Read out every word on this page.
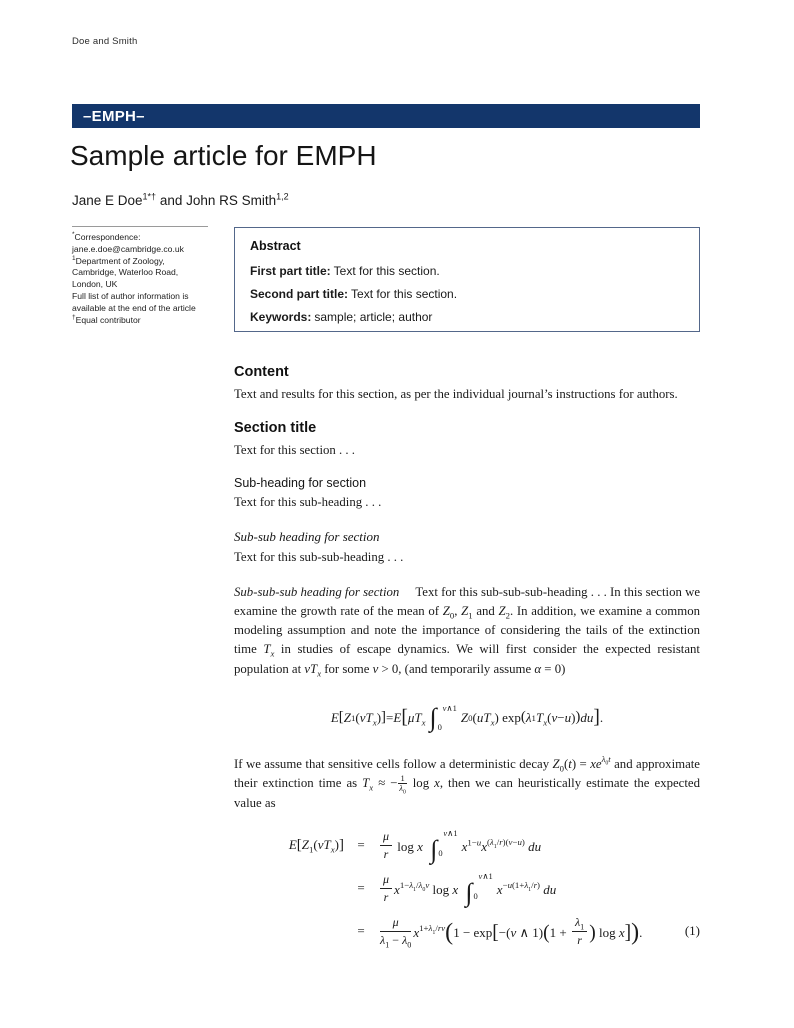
Doe and Smith
–EMPH–
Sample article for EMPH
Jane E Doe$^{1*\dagger}$ and John RS Smith$^{1,2}$
*Correspondence:
jane.e.doe@cambridge.co.uk
$^1$Department of Zoology,
Cambridge, Waterloo Road,
London, UK
Full list of author information is
available at the end of the article
†Equal contributor
Abstract
First part title: Text for this section.
Second part title: Text for this section.
Keywords: sample; article; author
Content

Text and results for this section, as per the individual journal’s instructions for authors.

Section title

Text for this section . . .

Sub-heading for section

Text for this sub-heading . . .

Sub-sub heading for section

Text for this sub-sub-heading . . .

Sub-sub-sub heading for section Text for this sub-sub-sub-heading . . . In this section we examine the growth rate of the mean of $Z_0$, $Z_1$ and $Z_2$. In addition, we examine a common modeling assumption and note the importance of considering the tails of the extinction time $T_x$ in studies of escape dynamics. We will first consider the expected resistant population at $vT_x$ for some v > 0, (and temporarily assume α = 0)

E [ Z 1 ( $vT_x$ ) ] = E [ $\mu T_x$ ∫ v∧1
0
Z 0 ( $uT_x$ ) exp ( λ 1 $T_x$ ( v − u ) ) du ] .

If we assume that sensitive cells follow a deterministic decay $Z_0(t) = xe^{\lambda_0t}$ and approximate their extinction time as $T_x$ ≈ − $\frac{1}{\lambda_0}$ log x, then we can heuristically estimate the expected value as

$E[Z_1(vT_x)]$	=	$\frac{\mu}{r}$ log x ∫
v∧1
0	$x^{1-u}x^{(\lambda_1/r)(v-u)}$ du
=	$\frac{\mu}{r} x^{1-\lambda_1/\lambda_0v}$ log x ∫
v∧1
0	$x^{-u(1+\lambda_1/r)}$ du
=	$\frac{\mu}{\lambda_1 - \lambda_0} x^{1+\lambda_1/rv}(1 - \exp[-(v$ ∧ $1)(1 + \frac{\lambda_1}{r}$ ) log x]).	(1)
